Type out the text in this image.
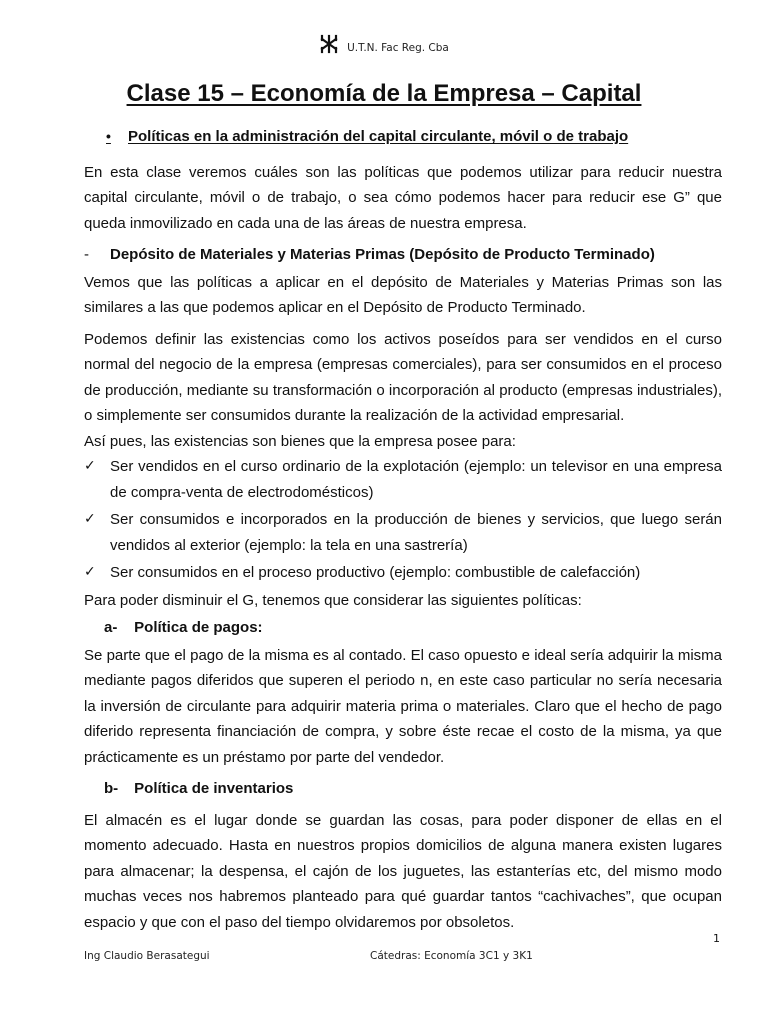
U.T.N. Fac Reg. Cba
Clase 15 – Economía de la Empresa – Capital
•	Políticas en la administración del capital circulante, móvil o de trabajo

En esta clase veremos cuáles son las políticas que podemos utilizar para reducir nuestra capital circulante, móvil o de trabajo, o sea cómo podemos hacer para reducir ese G” que queda inmovilizado en cada una de las áreas de nuestra empresa.

-	Depósito de Materiales y Materias Primas (Depósito de Producto Terminado)

Vemos que las políticas a aplicar en el depósito de Materiales y Materias Primas son las similares a las que podemos aplicar en el Depósito de Producto Terminado.

Podemos definir las existencias como los activos poseídos para ser vendidos en el curso normal del negocio de la empresa (empresas comerciales), para ser consumidos en el proceso de producción, mediante su transformación o incorporación al producto (empresas industriales), o simplemente ser consumidos durante la realización de la actividad empresarial.

Así pues, las existencias son bienes que la empresa posee para:

✓ Ser vendidos en el curso ordinario de la explotación (ejemplo: un televisor en una empresa de compra-venta de electrodomésticos)
✓ Ser consumidos e incorporados en la producción de bienes y servicios, que luego serán vendidos al exterior (ejemplo: la tela en una sastrería)
✓ Ser consumidos en el proceso productivo (ejemplo: combustible de calefacción)

Para poder disminuir el G, tenemos que considerar las siguientes políticas:

a- Política de pagos:

Se parte que el pago de la misma es al contado. El caso opuesto e ideal sería adquirir la misma mediante pagos diferidos que superen el periodo n, en este caso particular no sería necesaria la inversión de circulante para adquirir materia prima o materiales. Claro que el hecho de pago diferido representa financiación de compra, y sobre éste recae el costo de la misma, ya que prácticamente es un préstamo por parte del vendedor.

b- Política de inventarios

El almacén es el lugar donde se guardan las cosas, para poder disponer de ellas en el momento adecuado. Hasta en nuestros propios domicilios de alguna manera existen lugares para almacenar; la despensa, el cajón de los juguetes, las estanterías etc, del mismo modo muchas veces nos habremos planteado para qué guardar tantos “cachivaches”, que ocupan espacio y que con el paso del tiempo olvidaremos por obsoletos.

1
Ing Claudio Berasategui	Cátedras: Economía 3C1 y 3K1
